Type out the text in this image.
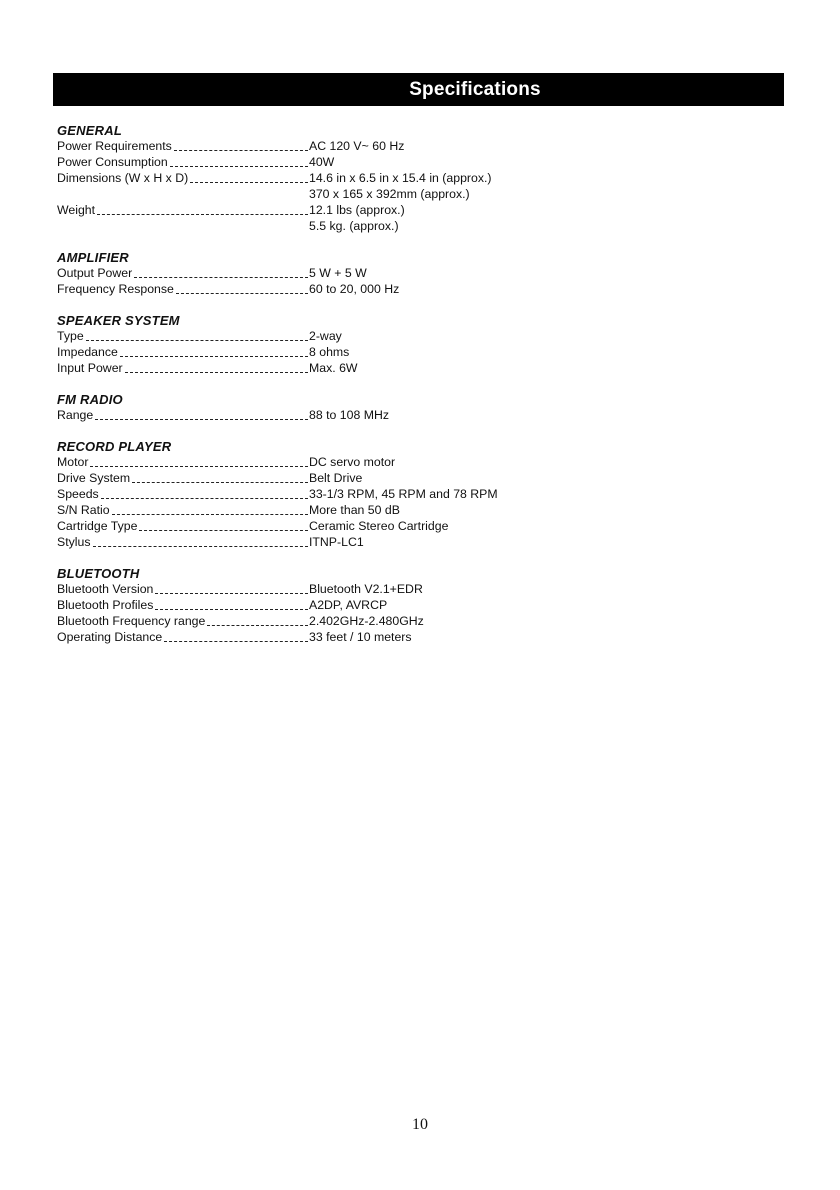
Specifications
GENERAL
Power Requirements	AC 120 V~ 60 Hz
Power Consumption	40W
Dimensions (W x H x D)	14.6 in x 6.5 in x 15.4 in (approx.)
370 x 165 x 392mm (approx.)
Weight	12.1 lbs (approx.)
5.5 kg. (approx.)
AMPLIFIER
Output Power	5 W + 5 W
Frequency Response	60 to 20, 000 Hz
SPEAKER SYSTEM
Type	2-way
Impedance	8 ohms
Input Power	Max. 6W
FM RADIO
Range	88 to 108 MHz
RECORD PLAYER
Motor	DC servo motor
Drive System	Belt Drive
Speeds	33-1/3 RPM, 45 RPM and 78 RPM
S/N Ratio	More than 50 dB
Cartridge Type	Ceramic Stereo Cartridge
Stylus	ITNP-LC1
BLUETOOTH
Bluetooth Version	Bluetooth V2.1+EDR
Bluetooth Profiles	A2DP, AVRCP
Bluetooth Frequency range	2.402GHz-2.480GHz
Operating Distance	33 feet / 10 meters
10
